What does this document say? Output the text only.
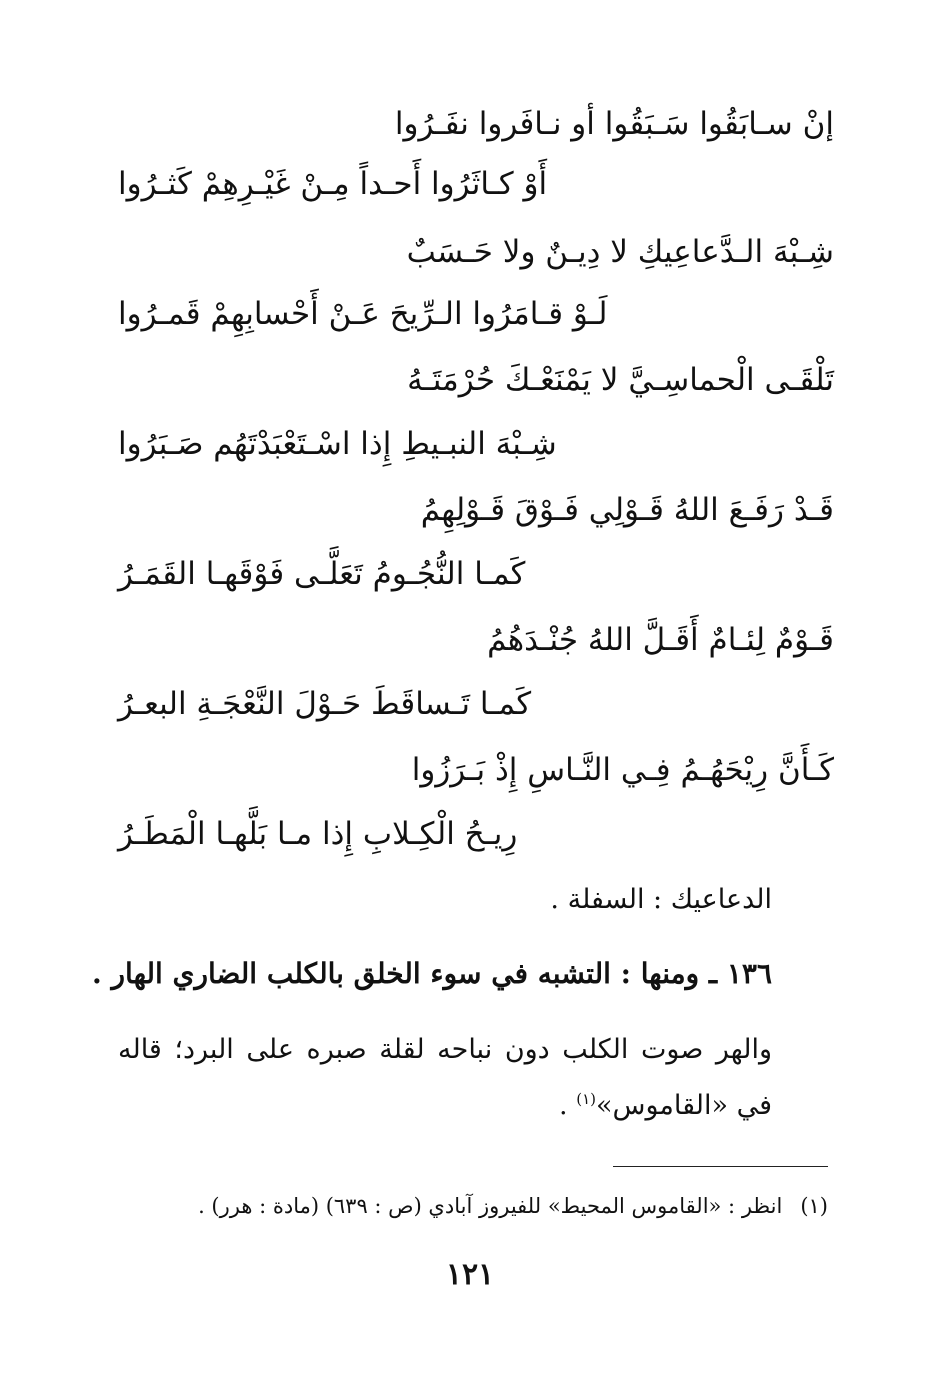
إنْ سـابَقُوا سَـبَقُوا أو نـافَروا نفَـرُوا
أَوْ كـاثَرُوا أَحـداً مِـنْ غَيْـرِهِمْ كَثـرُوا
شِـبْهَ الـدَّعاعِيكِ لا دِيـنٌ ولا حَـسَبٌ
لَـوْ قـامَرُوا الـرِّيحَ عَـنْ أَحْسابِهِمْ قَمـرُوا
تَلْقَـى الْحماسِـيَّ لا يَمْنَعْـكَ حُرْمَتَـهُ
شِـبْهَ النبـيطِ إِذا اسْـتَعْبَدْتَهُم صَـبَرُوا
قَـدْ رَفَـعَ اللهُ قَـوْلِي فَـوْقَ قَـوْلِهِمُ
كَمـا النُّجُـومُ تَعَلَّـى فَوْقَهـا القَمَـرُ
قَـوْمٌ لِئـامٌ أَقَـلَّ اللهُ جُنْـدَهُمُ
كَمـا تَـساقَطَ حَـوْلَ النَّعْجَـةِ البعـرُ
كَـأَنَّ رِيْحَهُـمُ فِـي النَّـاسِ إِذْ بَـرَزُوا
رِيـحُ الْكِـلابِ إِذا مـا بَلَّهـا الْمَطَـرُ
الدعاعيك : السفلة .
١٣٦ ـ ومنها : التشبه في سوء الخلق بالكلب الضاري الهار .
والهر صوت الكلب دون نباحه لقلة صبره على البرد؛ قاله في «القاموس»$^{(١)}$ .
(١)انظر : «القاموس المحيط» للفيروز آبادي (ص : ٦٣٩) (مادة : هرر) .
١٢١
